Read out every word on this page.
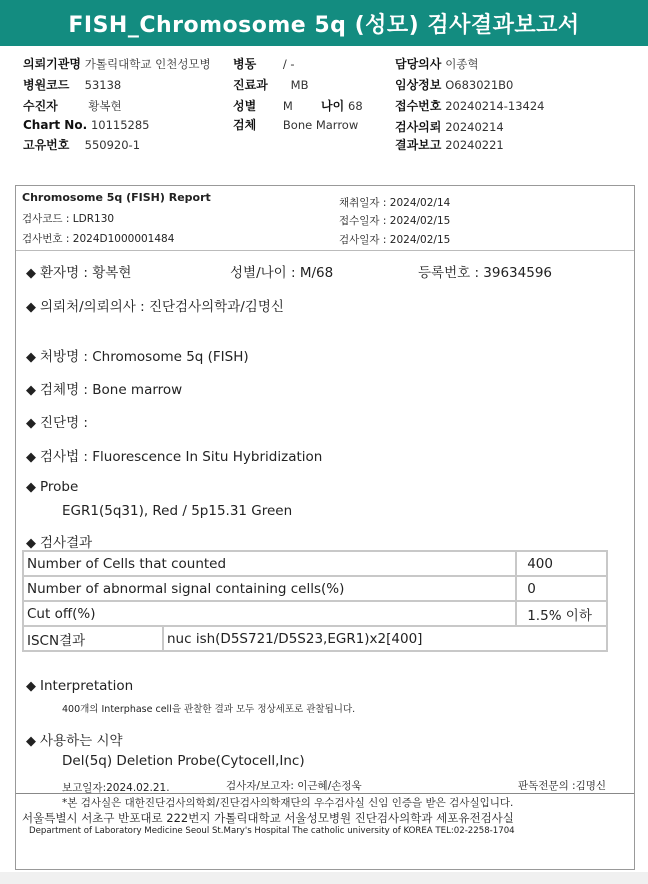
FISH_Chromosome 5q (성모) 검사결과보고서
의뢰기관명 가톨릭대학교 인천성모병
병원코드 53138
수진자	황복현
Chart No. 10115285
고유번호 550920-1
병동 / -
진료과 MB
성별 M 나이 68
검체 Bone Marrow
담당의사 이종혁
임상정보 O683021B0
접수번호 20240214-13424
검사의뢰 20240214
결과보고 20240221
Chromosome 5q (FISH) Report
검사코드 : LDR130
검사번호 : 2024D1000001484
채취일자 : 2024/02/14
접수일자 : 2024/02/15
검사일자 : 2024/02/15
◆ 환자명 : 황복현	성별/나이 : M/68	등록번호 : 39634596
◆ 의뢰처/의뢰의사 : 진단검사의학과/김명신
◆ 처방명 : Chromosome 5q (FISH)
◆ 검체명 : Bone marrow
◆ 진단명 :
◆ 검사법 : Fluorescence In Situ Hybridization
◆ Probe
EGR1(5q31), Red / 5p15.31 Green
◆ 검사결과
Number of Cells that counted		400
Number of abnormal signal containing cells(%)		0
Cut off(%)		1.5% 이하
ISCN결과	nuc ish(D5S721/D5S23,EGR1)x2[400]	
◆ Interpretation
400개의 Interphase cell을 관찰한 결과 모두 정상세포로 관찰됩니다.
◆ 사용하는 시약
Del(5q) Deletion Probe(Cytocell,Inc)
보고일자:2024.02.21.	검사자/보고자: 이근혜/손정욱	판독전문의 :김명신
*본 검사실은 대한진단검사의학회/진단검사의학재단의 우수검사실 신임 인증을 받은 검사실입니다.
서울특별시 서초구 반포대로 222번지 가톨릭대학교 서울성모병원 진단검사의학과 세포유전검사실
Department of Laboratory Medicine Seoul St.Mary's Hospital The catholic university of KOREA TEL:02-2258-1704
